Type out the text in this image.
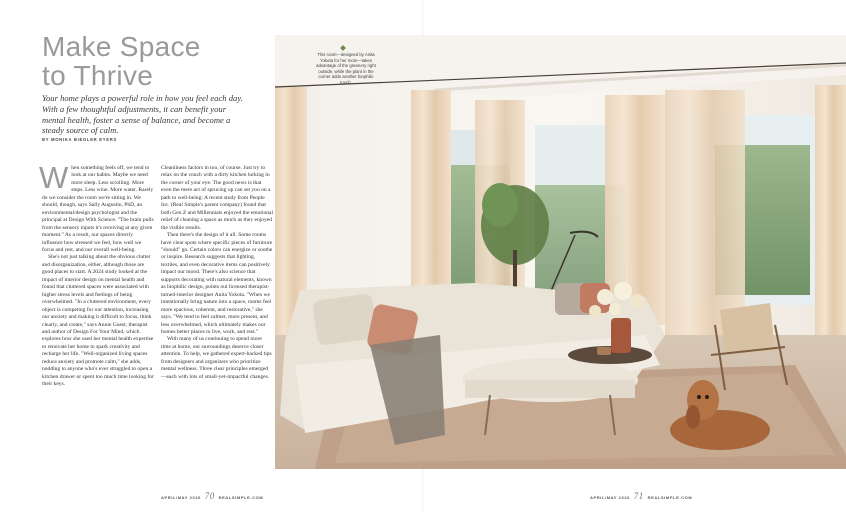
Make Space
to Thrive

Your home plays a powerful role in how you feel each day. With a few thoughtful adjustments, it can benefit your mental health, foster a sense of balance, and become a steady source of calm.

BY MONIKA BIEGLER EYERS

When something feels off, we tend to look at our habits. Maybe we need more sleep. Less scrolling. More steps. Less wine. More water. Rarely do we consider the room we're sitting in. We should, though, says Sally Augustin, PhD, an environmental/design psychologist and the principal at Design With Science. "The brain pulls from the sensory inputs it's receiving at any given moment." As a result, our spaces directly influence how stressed we feel, how well we focus and rest, and our overall well-being.

She's not just talking about the obvious clutter and disorganization, either, although those are good places to start. A 2024 study looked at the impact of interior design on mental health and found that cluttered spaces were associated with higher stress levels and feelings of being overwhelmed. "In a cluttered environment, every object is competing for our attention, increasing our anxiety and making it difficult to focus, think clearly, and create," says Annie Guest, therapist and author of Design For Your Mind, which explores how she used her mental health expertise to renovate her home to spark creativity and recharge her life. "Well-organized living spaces reduce anxiety and promote calm," she adds, nodding to anyone who's ever struggled to open a kitchen drawer or spent too much time looking for their keys.

Cleanliness factors in too, of course. Just try to relax on the couch with a dirty kitchen lurking in the corner of your eye. The good news is that even the mere act of sprucing up can set you on a path to well-being: A recent study from People Inc. (Real Simple's parent company) found that both Gen Z and Millennials enjoyed the emotional relief of cleaning a space as much as they enjoyed the visible results.

Then there's the design of it all. Some rooms have clear spots where specific pieces of furniture "should" go. Certain colors can energize or soothe or inspire. Research suggests that lighting, textiles, and even decorative items can positively impact our mood. There's also science that supports decorating with natural elements, known as biophilic design, points out licensed therapist-turned-interior designer Anita Yokota. "When we intentionally bring nature into a space, rooms feel more spacious, coherent, and restorative," she says. "We tend to feel calmer, more present, and less overwhelmed, which ultimately makes our homes better places to live, work, and rest."

With many of us continuing to spend more time at home, our surroundings deserve closer attention. To help, we gathered expert-backed tips from designers and organizers who prioritize mental wellness. Three clear principles emerged—each with lots of small-yet-impactful changes.

APRIL/MAY 2026 70 REALSIMPLE.COM	APRIL/MAY 2026 71 REALSIMPLE.COM
This room—designed by Anita Yokota for her mom—takes advantage of the greenery right outside, while the plant in the corner adds another biophilic touch.
